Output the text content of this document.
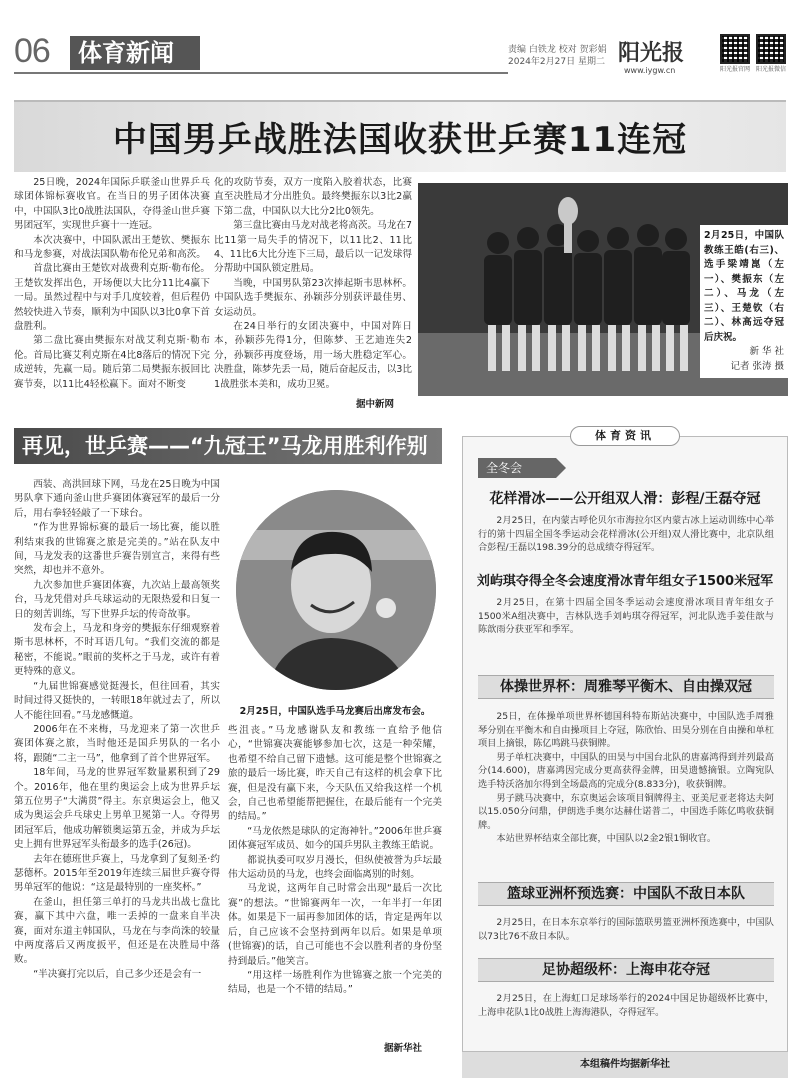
06	体育新闻	责编 白铁龙 校对 贺彩娟
2024年2月27日 星期二 阳光报
www.iygw.cn	阳光报官网 阳光报微信
中国男乒战胜法国收获世乒赛11连冠

25日晚，2024年国际乒联釜山世界乒乓球团体锦标赛收官。在当日的男子团体决赛中，中国队3比0战胜法国队，夺得釜山世乒赛男团冠军，实现世乒赛十一连冠。

本次决赛中，中国队派出王楚钦、樊振东和马龙参赛，对战法国队勒布伦兄弟和高茨。

首盘比赛由王楚钦对战费利克斯·勒布伦。王楚钦发挥出色，开场便以大比分11比4赢下一局。虽然过程中与对手几度较着，但后程仍然较快进入节奏，顺利为中国队以3比0拿下首盘胜利。

第二盘比赛由樊振东对战艾利克斯·勒布伦。首局比赛艾利克斯在4比8落后的情况下完成逆转，先赢一局。随后第二局樊振东扳回比赛节奏，以11比4轻松赢下。面对不断变

化的攻防节奏，双方一度陷入胶着状态，比赛直至决胜局才分出胜负。最终樊振东以3比2赢下第二盘，中国队以大比分2比0领先。

第三盘比赛由马龙对战老将高茨。马龙在7比11第一局失手的情况下，以11比2、11比4、11比6大比分连下三局，最后以一记发球得分帮助中国队锁定胜局。

当晚，中国男队第23次捧起斯韦思林杯。中国队选手樊振东、孙颖莎分别获评最佳男、女运动员。

在24日举行的女团决赛中，中国对阵日本，孙颖莎先得1分，但陈梦、王艺迪连失2分，孙颖莎再度登场，用一场大胜稳定军心。决胜盘，陈梦先丢一局，随后奋起反击，以3比1战胜张本美和，成功卫冕。

据中新网
2月25日，中国队教练王皓(右三)、选手梁靖崑（左一）、樊振东（左二）、马龙（左三）、王楚钦（右二）、林高远夺冠后庆祝。
新 华 社
记者 张涛 摄
再见，世乒赛——“九冠王”马龙用胜利作别
2月25日，中国队选手马龙赛后出席发布会。

西装、高洪回球下网，马龙在25日晚为中国男队拿下通向釜山世乒赛团体赛冠军的最后一分后，用右拳轻轻敲了一下球台。

“作为世界锦标赛的最后一场比赛，能以胜利结束我的世锦赛之旅是完美的。”站在队友中间，马龙发表的这番世乒赛告别宣言，来得有些突然，却也并不意外。

九次参加世乒赛团体赛，九次站上最高领奖台，马龙凭借对乒乓球运动的无限热爱和日复一日的刻苦训练，写下世界乒坛的传奇故事。

发布会上，马龙和身旁的樊振东仔细观察着斯韦思林杯，不时耳语几句。“我们交流的都是秘密，不能说。”眼前的奖杯之于马龙，或许有着更特殊的意义。

“九届世锦赛感觉挺漫长，但往回看，其实时间过得又挺快的，一转眼18年就过去了，所以人不能往回看。”马龙感慨道。

2006年在不来梅，马龙迎来了第一次世乒赛团体赛之旅，当时他还是国乒男队的一名小将，跟随“二主一马”，他拿到了首个世界冠军。

18年间，马龙的世界冠军数量累积到了29个。2016年，他在里约奥运会上成为世界乒坛第五位男子“大满贯”得主。东京奥运会上，他又成为奥运会乒乓球史上男单卫冕第一人。夺得男团冠军后，他成功解锁奥运第五金，并成为乒坛史上拥有世界冠军头衔最多的选手(26冠)。

去年在德班世乒赛上，马龙拿到了复刻圣·约瑟德杯。2015年至2019年连续三届世乒赛夺得男单冠军的他说：“这是最特别的一座奖杯。”

在釜山，担任第三单打的马龙共出战七盘比赛，赢下其中六盘，唯一丢掉的一盘来自半决赛，面对东道主韩国队，马龙在与李尚洙的较量中两度落后又两度扳平，但还是在决胜局中落败。

“半决赛打完以后，自己多少还是会有一

些沮丧。”马龙感谢队友和教练一直给予他信心，“世锦赛决赛能够参加七次，这是一种荣耀，也希望不给自己留下遗憾。这可能是整个世锦赛之旅的最后一场比赛，昨天自己有这样的机会拿下比赛，但是没有赢下来，今天队伍又给我这样一个机会，自己也希望能帮把握住，在最后能有一个完美的结局。”

“马龙依然是球队的定海神针。”2006年世乒赛团体赛冠军成员、如今的国乒男队主教练王皓说。

都说执委可叹岁月漫长，但纵使被誉为乒坛最伟大运动员的马龙，也终会面临离别的时刻。

马龙说，这两年自己时常会出现“最后一次比赛”的想法。“世锦赛两年一次，一年半打一年团体。如果是下一届再参加团体的话，肯定是两年以后，自己应该不会坚持到两年以后。如果是单项(世锦赛)的话，自己可能也不会以胜利者的身份坚持到最后。”他笑言。

“用这样一场胜利作为世锦赛之旅一个完美的结局，也是一个不错的结局。”

据新华社
体育资讯
全冬会
花样滑冰——公开组双人滑：彭程/王磊夺冠

2月25日，在内蒙古呼伦贝尔市海拉尔区内蒙古冰上运动训练中心举行的第十四届全国冬季运动会花样滑冰(公开组)双人滑比赛中，北京队组合彭程/王磊以198.39分的总成绩夺得冠军。

刘屿琪夺得全冬会速度滑冰青年组女子1500米冠军

2月25日，在第十四届全国冬季运动会速度滑冰项目青年组女子1500米A组决赛中，吉林队选手刘屿琪夺得冠军，河北队选手姜佳歆与陈歆雨分获亚军和季军。

体操世界杯：周雅琴平衡木、自由操双冠

25日，在体操单项世界杯德国科特布斯站决赛中，中国队选手周雅琴分别在平衡木和自由操项目上夺冠，陈欣怡、田昊分别在自由操和单杠项目上摘银，陈亿鸣跳马获铜牌。

男子单杠决赛中，中国队的田昊与中国台北队的唐嘉鸿得到并列最高分(14.600)，唐嘉鸿因完成分更高获得金牌，田昊遗憾摘银。立陶宛队选手特沃洛加尔得到全场最高的完成分(8.833分)，收获铜牌。

男子跳马决赛中，东京奥运会该项目铜牌得主、亚美尼亚老将达夫阿以15.050分问鼎，伊朗选手奥尔达赫仕诺普二，中国选手陈亿鸣收获铜牌。

本站世界杯结束全部比赛，中国队以2金2银1铜收官。

篮球亚洲杯预选赛：中国队不敌日本队

2月25日，在日本东京举行的国际篮联男篮亚洲杯预选赛中，中国队以73比76不敌日本队。

足协超级杯：上海申花夺冠

2月25日，在上海虹口足球场举行的2024中国足协超级杯比赛中，上海申花队1比0战胜上海海港队，夺得冠军。

本组稿件均据新华社
